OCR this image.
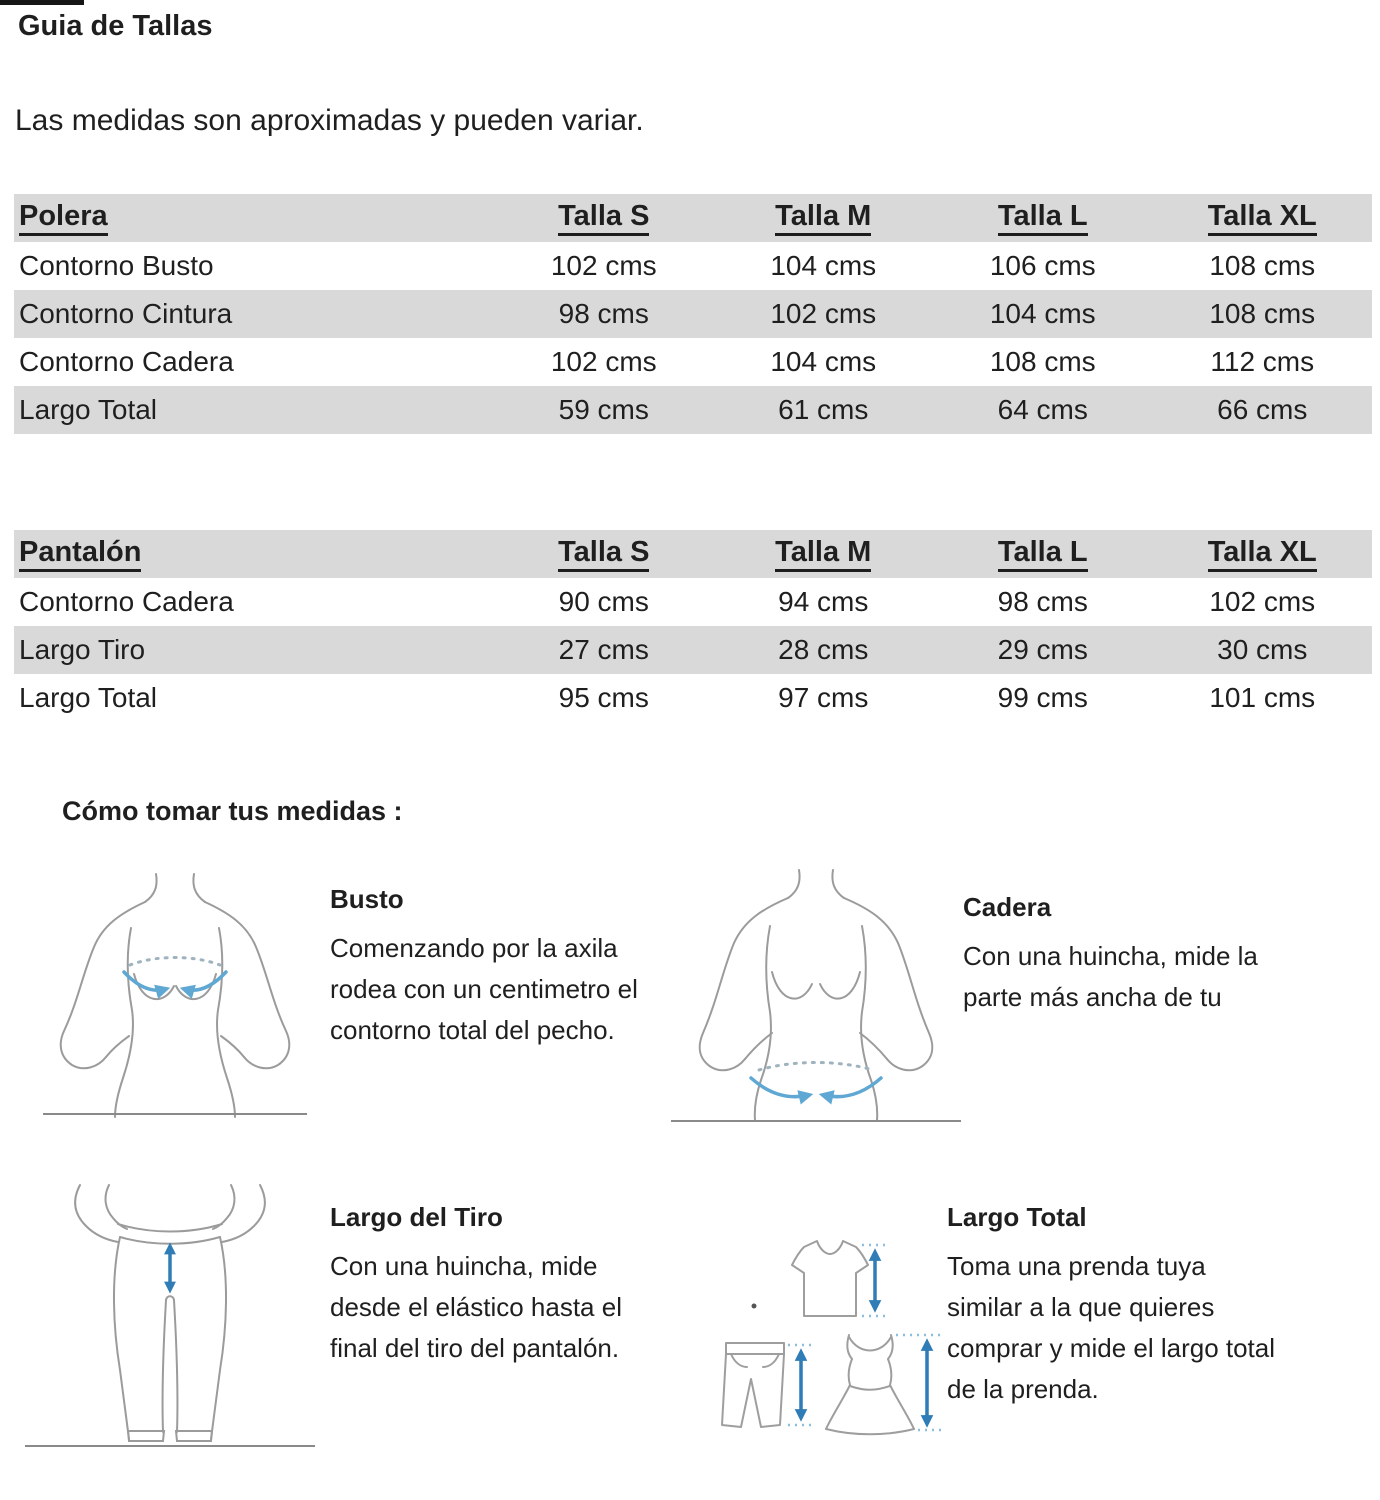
Guia de Tallas
Las medidas son aproximadas y pueden variar.
Polera	Talla S	Talla M	Talla L	Talla XL
Contorno Busto	102 cms	104 cms	106 cms	108 cms
Contorno Cintura	98 cms	102 cms	104 cms	108 cms
Contorno Cadera	102 cms	104 cms	108 cms	112 cms
Largo Total	59 cms	61 cms	64 cms	66 cms
Pantalón	Talla S	Talla M	Talla L	Talla XL
Contorno Cadera	90 cms	94 cms	98 cms	102 cms
Largo Tiro	27 cms	28 cms	29 cms	30 cms
Largo Total	95 cms	97 cms	99 cms	101 cms
Cómo tomar tus medidas :
Busto
Comenzando por la axila
rodea con un centimetro el
contorno total del pecho.
Cadera
Con una huincha, mide la
parte más ancha de tu
Largo del Tiro
Con una huincha, mide
desde el elástico hasta el
final del tiro del pantalón.
Largo Total
Toma una prenda tuya
similar a la que quieres
comprar y mide el largo total
de la prenda.
